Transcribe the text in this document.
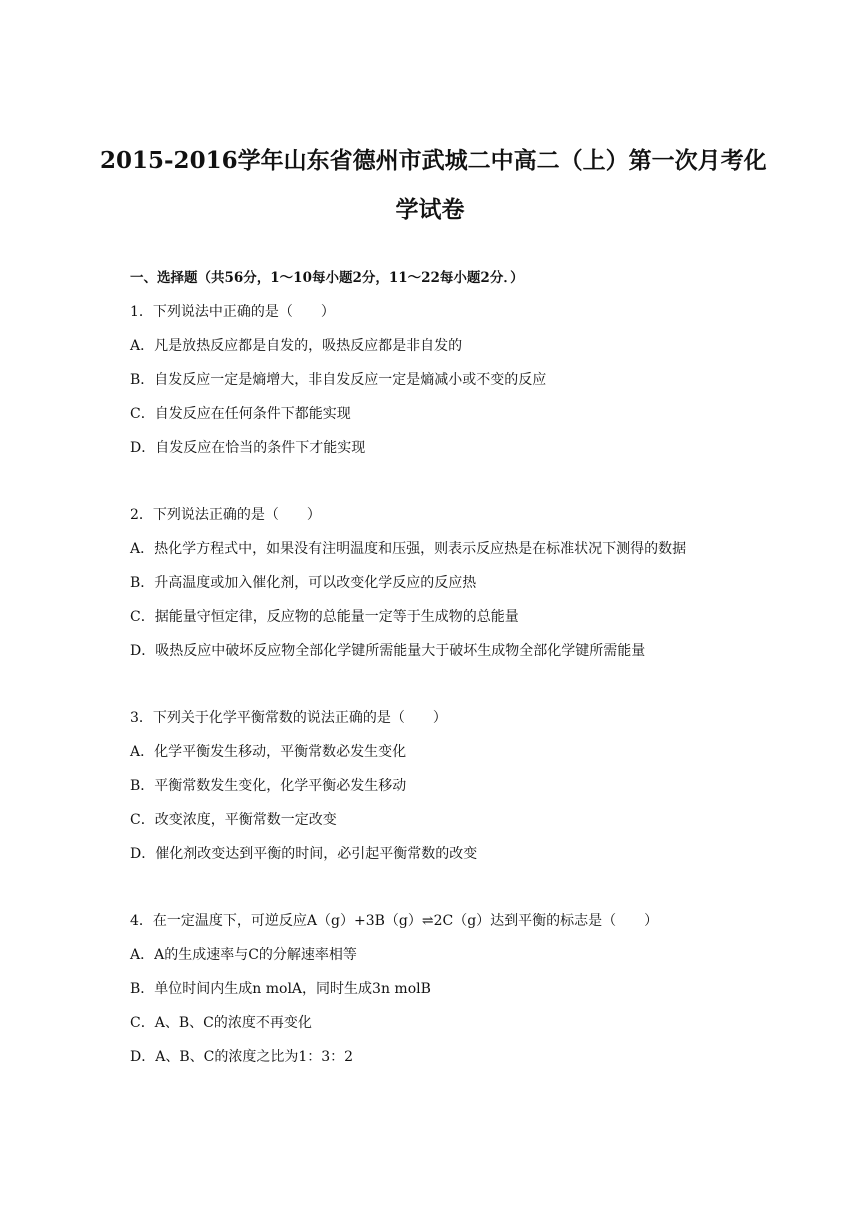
2015-2016学年山东省德州市武城二中高二（上）第一次月考化
学试卷
一、选择题（共56分，1～10每小题2分，11～22每小题2分．）
1．下列说法中正确的是（　　）
A．凡是放热反应都是自发的，吸热反应都是非自发的
B．自发反应一定是熵增大，非自发反应一定是熵减小或不变的反应
C．自发反应在任何条件下都能实现
D．自发反应在恰当的条件下才能实现
2．下列说法正确的是（　　）
A．热化学方程式中，如果没有注明温度和压强，则表示反应热是在标准状况下测得的数据
B．升高温度或加入催化剂，可以改变化学反应的反应热
C．据能量守恒定律，反应物的总能量一定等于生成物的总能量
D．吸热反应中破坏反应物全部化学键所需能量大于破坏生成物全部化学键所需能量
3．下列关于化学平衡常数的说法正确的是（　　）
A．化学平衡发生移动，平衡常数必发生变化
B．平衡常数发生变化，化学平衡必发生移动
C．改变浓度，平衡常数一定改变
D．催化剂改变达到平衡的时间，必引起平衡常数的改变
4．在一定温度下，可逆反应A（g）+3B（g）⇌2C（g）达到平衡的标志是（　　）
A．A的生成速率与C的分解速率相等
B．单位时间内生成n molA，同时生成3n molB
C．A、B、C的浓度不再变化
D．A、B、C的浓度之比为1：3：2
